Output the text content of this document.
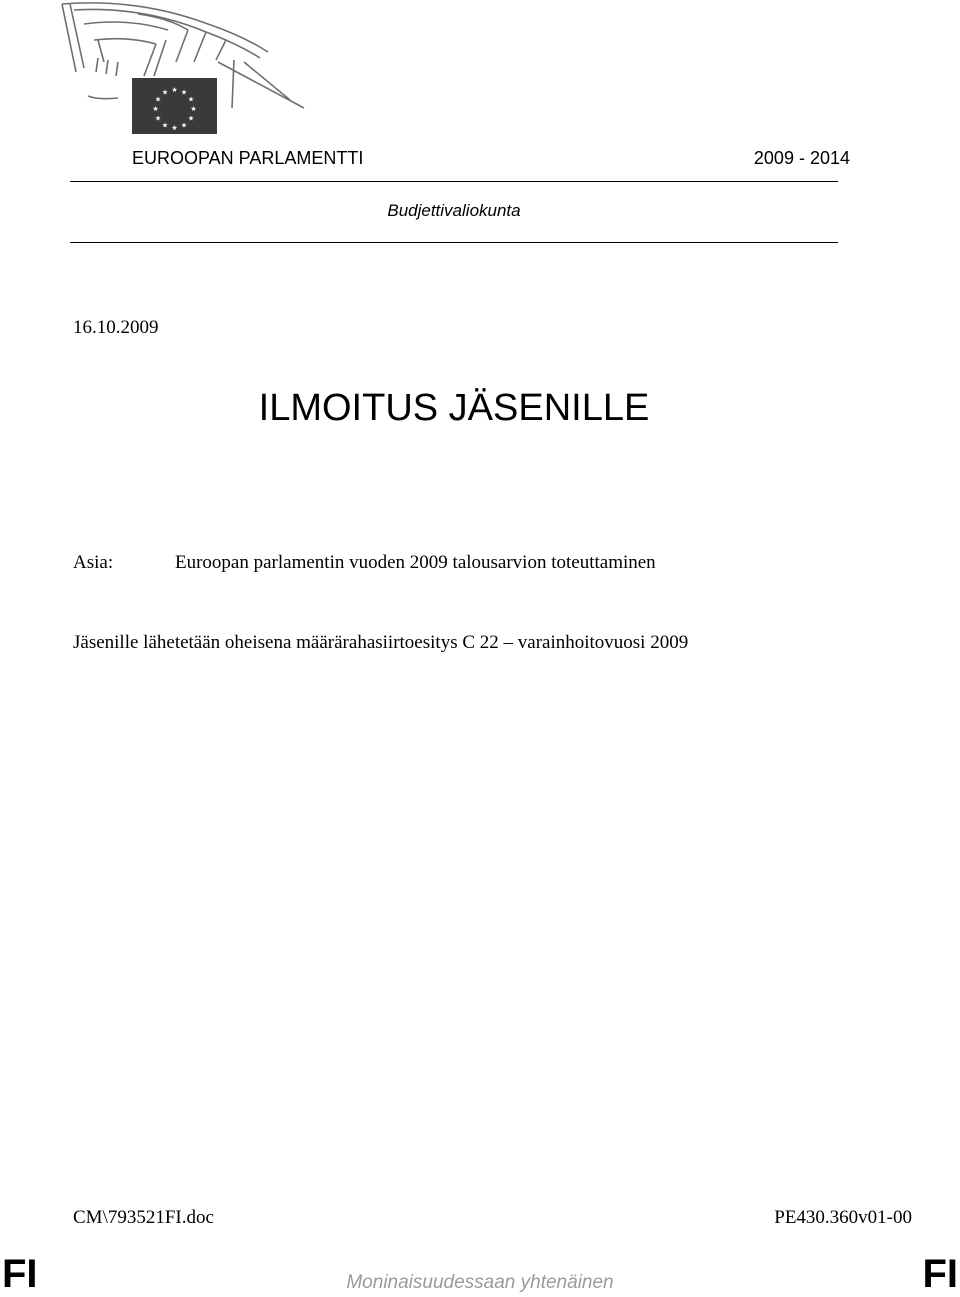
★ ★
★
★
★
★
★
★
★
★
★
★
EUROOPAN PARLAMENTTI	2009 - 2014
Budjettivaliokunta
16.10.2009
ILMOITUS JÄSENILLE
Asia:	Euroopan parlamentin vuoden 2009 talousarvion toteuttaminen
Jäsenille lähetetään oheisena määrärahasiirtoesitys C 22 – varainhoitovuosi 2009
CM\793521FI.doc	PE430.360v01-00
FI	Moninaisuudessaan yhtenäinen	FI
